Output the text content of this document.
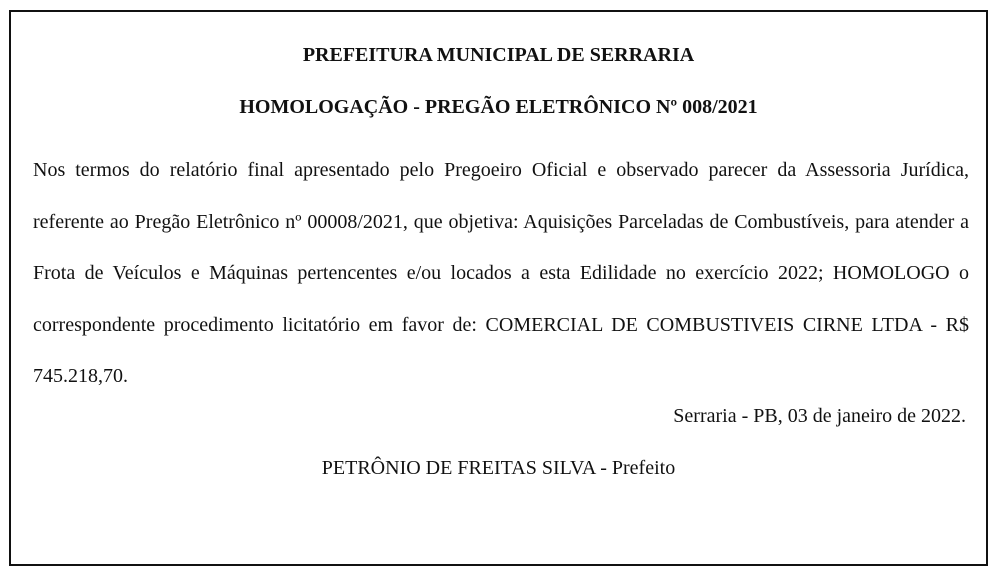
PREFEITURA MUNICIPAL DE SERRARIA
HOMOLOGAÇÃO - PREGÃO ELETRÔNICO Nº 008/2021

Nos termos do relatório final apresentado pelo Pregoeiro Oficial e observado parecer da Assessoria Jurídica, referente ao Pregão Eletrônico nº 00008/2021, que objetiva: Aquisições Parceladas de Combustíveis, para atender a Frota de Veículos e Máquinas pertencentes e/ou locados a esta Edilidade no exercício 2022; HOMOLOGO o correspondente procedimento licitatório em favor de: COMERCIAL DE COMBUSTIVEIS CIRNE LTDA - R$ 745.218,70.

Serraria - PB, 03 de janeiro de 2022.

PETRÔNIO DE FREITAS SILVA - Prefeito
